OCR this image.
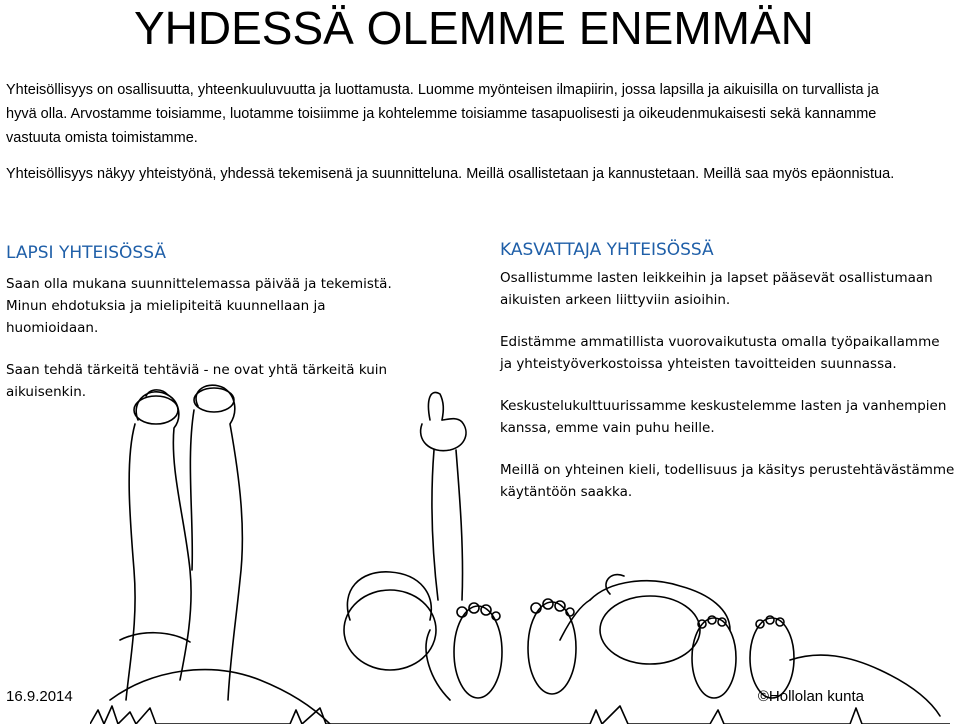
YHDESSÄ OLEMME ENEMMÄN

Yhteisöllisyys on osallisuutta, yhteenkuuluvuutta ja luottamusta. Luomme myönteisen ilmapiirin, jossa lapsilla ja aikuisilla on turvallista ja hyvä olla. Arvostamme toisiamme, luotamme toisiimme ja kohtelemme toisiamme tasapuolisesti ja oikeudenmukaisesti sekä kannamme vastuuta omista toimistamme.

Yhteisöllisyys näkyy yhteistyönä, yhdessä tekemisenä ja suunnitteluna. Meillä osallistetaan ja kannustetaan. Meillä saa myös epäonnistua.

LAPSI YHTEISÖSSÄ

Saan olla mukana suunnittelemassa päivää ja tekemistä. Minun ehdotuksia ja mielipiteitä kuunnellaan ja huomioidaan.

Saan tehdä tärkeitä tehtäviä - ne ovat yhtä tärkeitä kuin aikuisenkin.

KASVATTAJA YHTEISÖSSÄ

Osallistumme lasten leikkeihin ja lapset pääsevät osallistumaan aikuisten arkeen liittyviin asioihin.

Edistämme ammatillista vuorovaikutusta omalla työpaikallamme ja yhteistyöverkostoissa yhteisten tavoitteiden suunnassa.

Keskustelukulttuurissamme keskustelemme lasten ja vanhempien kanssa, emme vain puhu heille.

Meillä on yhteinen kieli, todellisuus ja käsitys perustehtävästämme käytäntöön saakka.

16.9.2014	©Hollolan kunta
